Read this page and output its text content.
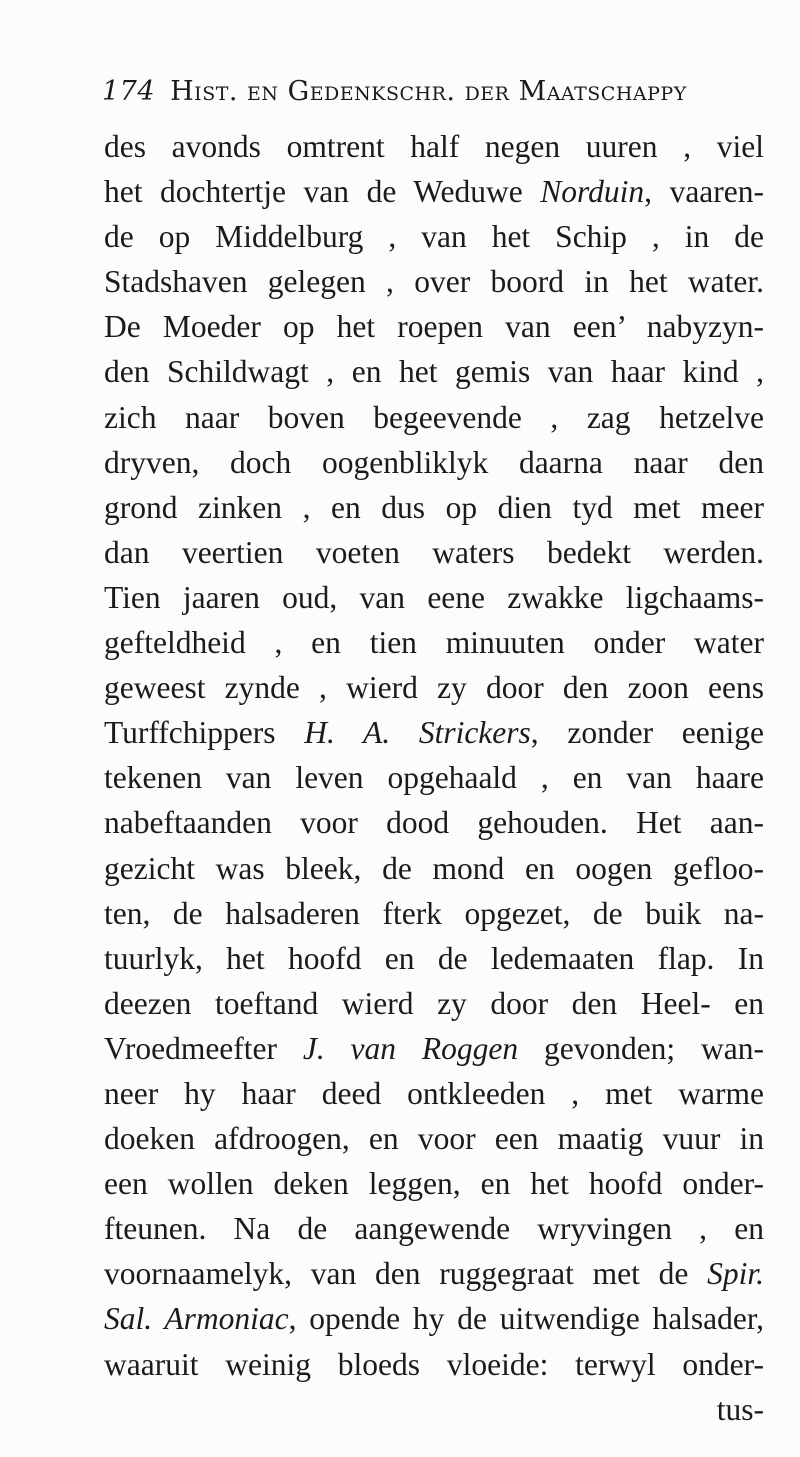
174 Hist. en Gedenkschr. der Maatschappy
des avonds omtrent half negen uuren , viel
het dochtertje van de Weduwe Norduin, vaaren-
de op Middelburg , van het Schip , in de
Stadshaven gelegen , over boord in het water.
De Moeder op het roepen van een’ nabyzyn-
den Schildwagt , en het gemis van haar kind ,
zich naar boven begeevende , zag hetzelve
dryven, doch oogenbliklyk daarna naar den
grond zinken , en dus op dien tyd met meer
dan veertien voeten waters bedekt werden.
Tien jaaren oud, van eene zwakke ligchaams-
gefteldheid , en tien minuuten onder water
geweest zynde , wierd zy door den zoon eens
Turffchippers H. A. Strickers, zonder eenige
tekenen van leven opgehaald , en van haare
nabeftaanden voor dood gehouden. Het aan-
gezicht was bleek, de mond en oogen gefloo-
ten, de halsaderen fterk opgezet, de buik na-
tuurlyk, het hoofd en de ledemaaten flap. In
deezen toeftand wierd zy door den Heel- en
Vroedmeefter J. van Roggen gevonden; wan-
neer hy haar deed ontkleeden , met warme
doeken afdroogen, en voor een maatig vuur in
een wollen deken leggen, en het hoofd onder-
fteunen. Na de aangewende wryvingen , en
voornaamelyk, van den ruggegraat met de Spir.
Sal. Armoniac, opende hy de uitwendige halsader,
waaruit weinig bloeds vloeide: terwyl onder-
tus-
